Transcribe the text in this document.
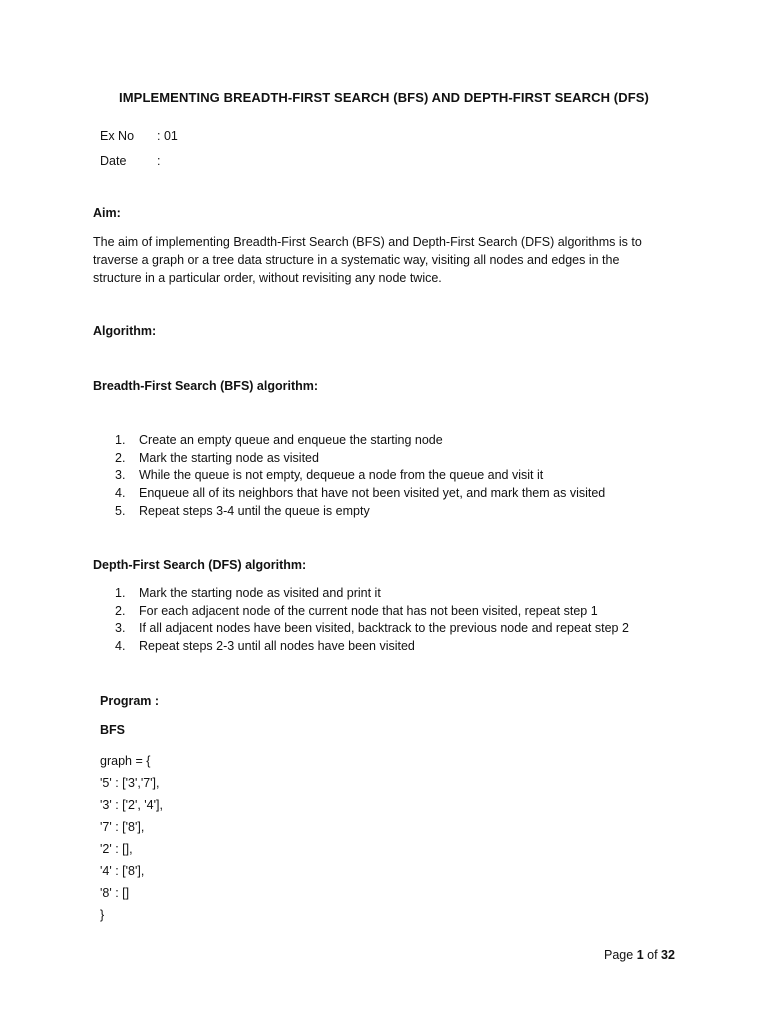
IMPLEMENTING BREADTH-FIRST SEARCH (BFS) AND DEPTH-FIRST SEARCH (DFS)
Ex No : 01
Date :
Aim:
The aim of implementing Breadth-First Search (BFS) and Depth-First Search (DFS) algorithms is to traverse a graph or a tree data structure in a systematic way, visiting all nodes and edges in the structure in a particular order, without revisiting any node twice.
Algorithm:
Breadth-First Search (BFS) algorithm:
1. Create an empty queue and enqueue the starting node
2. Mark the starting node as visited
3. While the queue is not empty, dequeue a node from the queue and visit it
4. Enqueue all of its neighbors that have not been visited yet, and mark them as visited
5. Repeat steps 3-4 until the queue is empty
Depth-First Search (DFS) algorithm:
1. Mark the starting node as visited and print it
2. For each adjacent node of the current node that has not been visited, repeat step 1
3. If all adjacent nodes have been visited, backtrack to the previous node and repeat step 2
4. Repeat steps 2-3 until all nodes have been visited
Program :
BFS
graph = {
'5' : ['3','7'],
'3' : ['2', '4'],
'7' : ['8'],
'2' : [],
'4' : ['8'],
'8' : []
}
Page 1 of 32
